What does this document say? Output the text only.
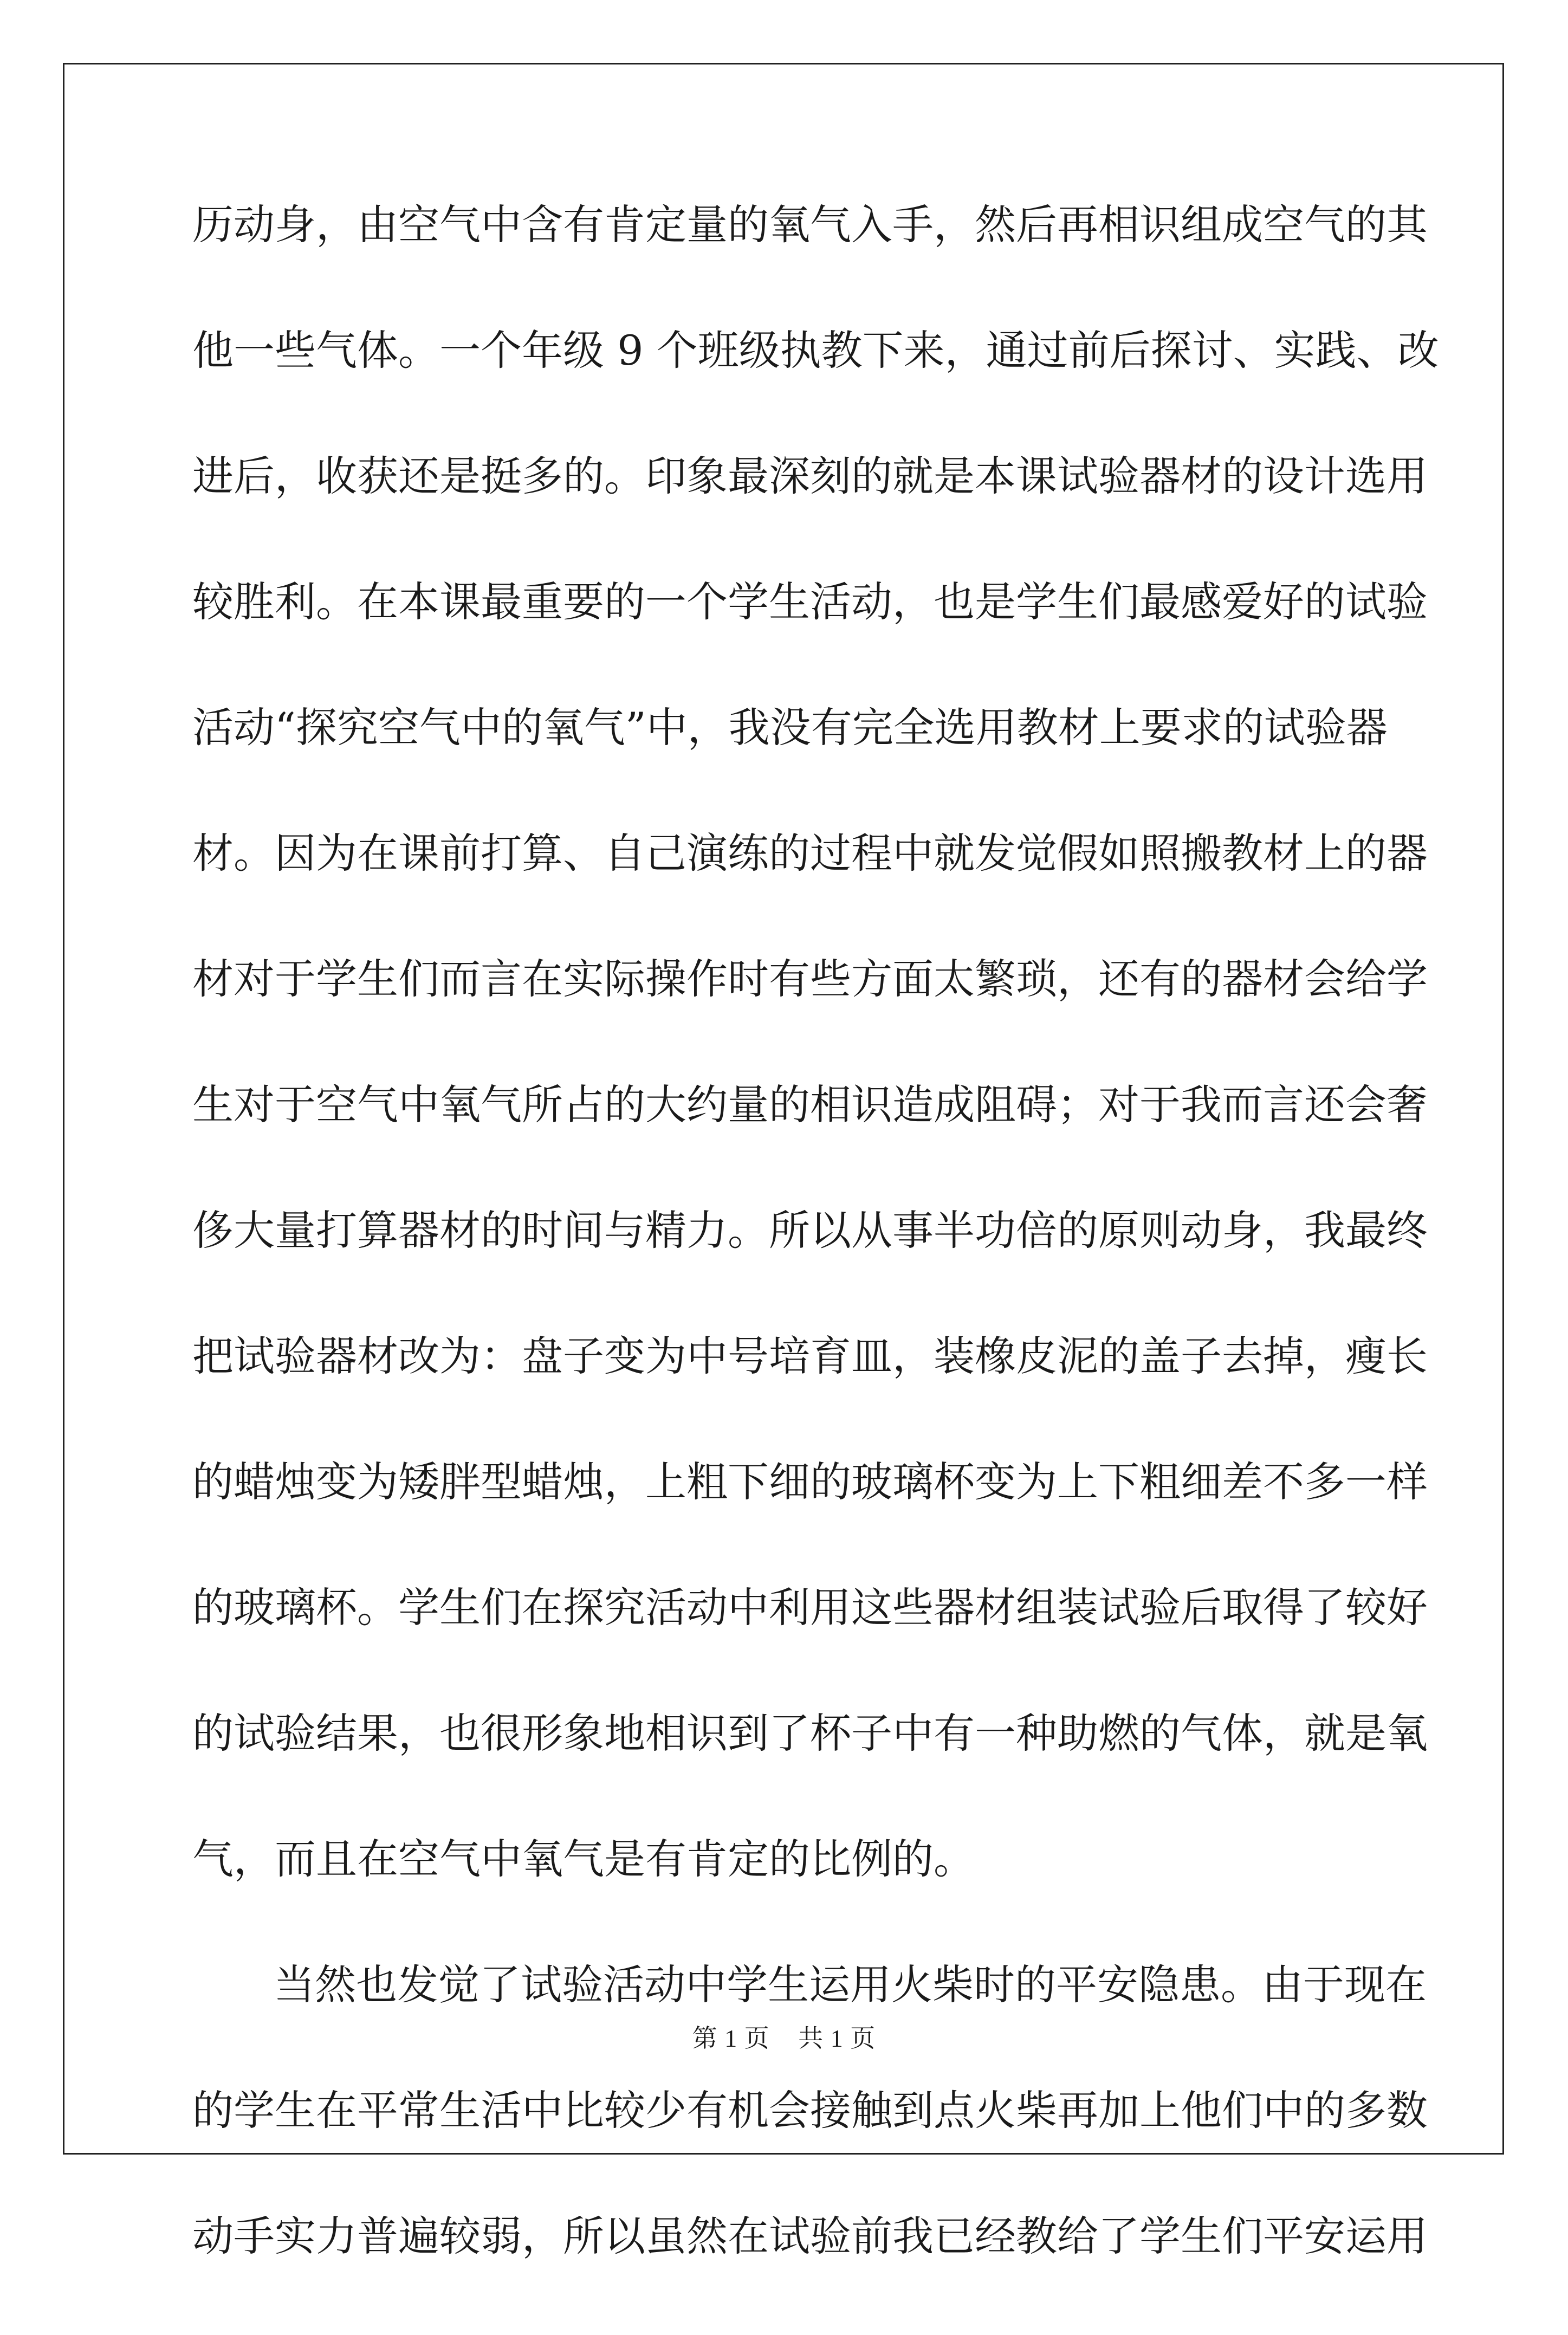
历动身，由空气中含有肯定量的氧气入手，然后再相识组成空气的其
他一些气体。一个年级 9 个班级执教下来，通过前后探讨、实践、改
进后，收获还是挺多的。印象最深刻的就是本课试验器材的设计选用
较胜利。在本课最重要的一个学生活动，也是学生们最感爱好的试验
活动“探究空气中的氧气”中，我没有完全选用教材上要求的试验器
材。因为在课前打算、自己演练的过程中就发觉假如照搬教材上的器
材对于学生们而言在实际操作时有些方面太繁琐，还有的器材会给学
生对于空气中氧气所占的大约量的相识造成阻碍；对于我而言还会奢
侈大量打算器材的时间与精力。所以从事半功倍的原则动身，我最终
把试验器材改为：盘子变为中号培育皿，装橡皮泥的盖子去掉，瘦长
的蜡烛变为矮胖型蜡烛，上粗下细的玻璃杯变为上下粗细差不多一样
的玻璃杯。学生们在探究活动中利用这些器材组装试验后取得了较好
的试验结果，也很形象地相识到了杯子中有一种助燃的气体，就是氧
气，而且在空气中氧气是有肯定的比例的。
当然也发觉了试验活动中学生运用火柴时的平安隐患。由于现在
的学生在平常生活中比较少有机会接触到点火柴再加上他们中的多数
动手实力普遍较弱，所以虽然在试验前我已经教给了学生们平安运用
第 1 页 共 1 页
